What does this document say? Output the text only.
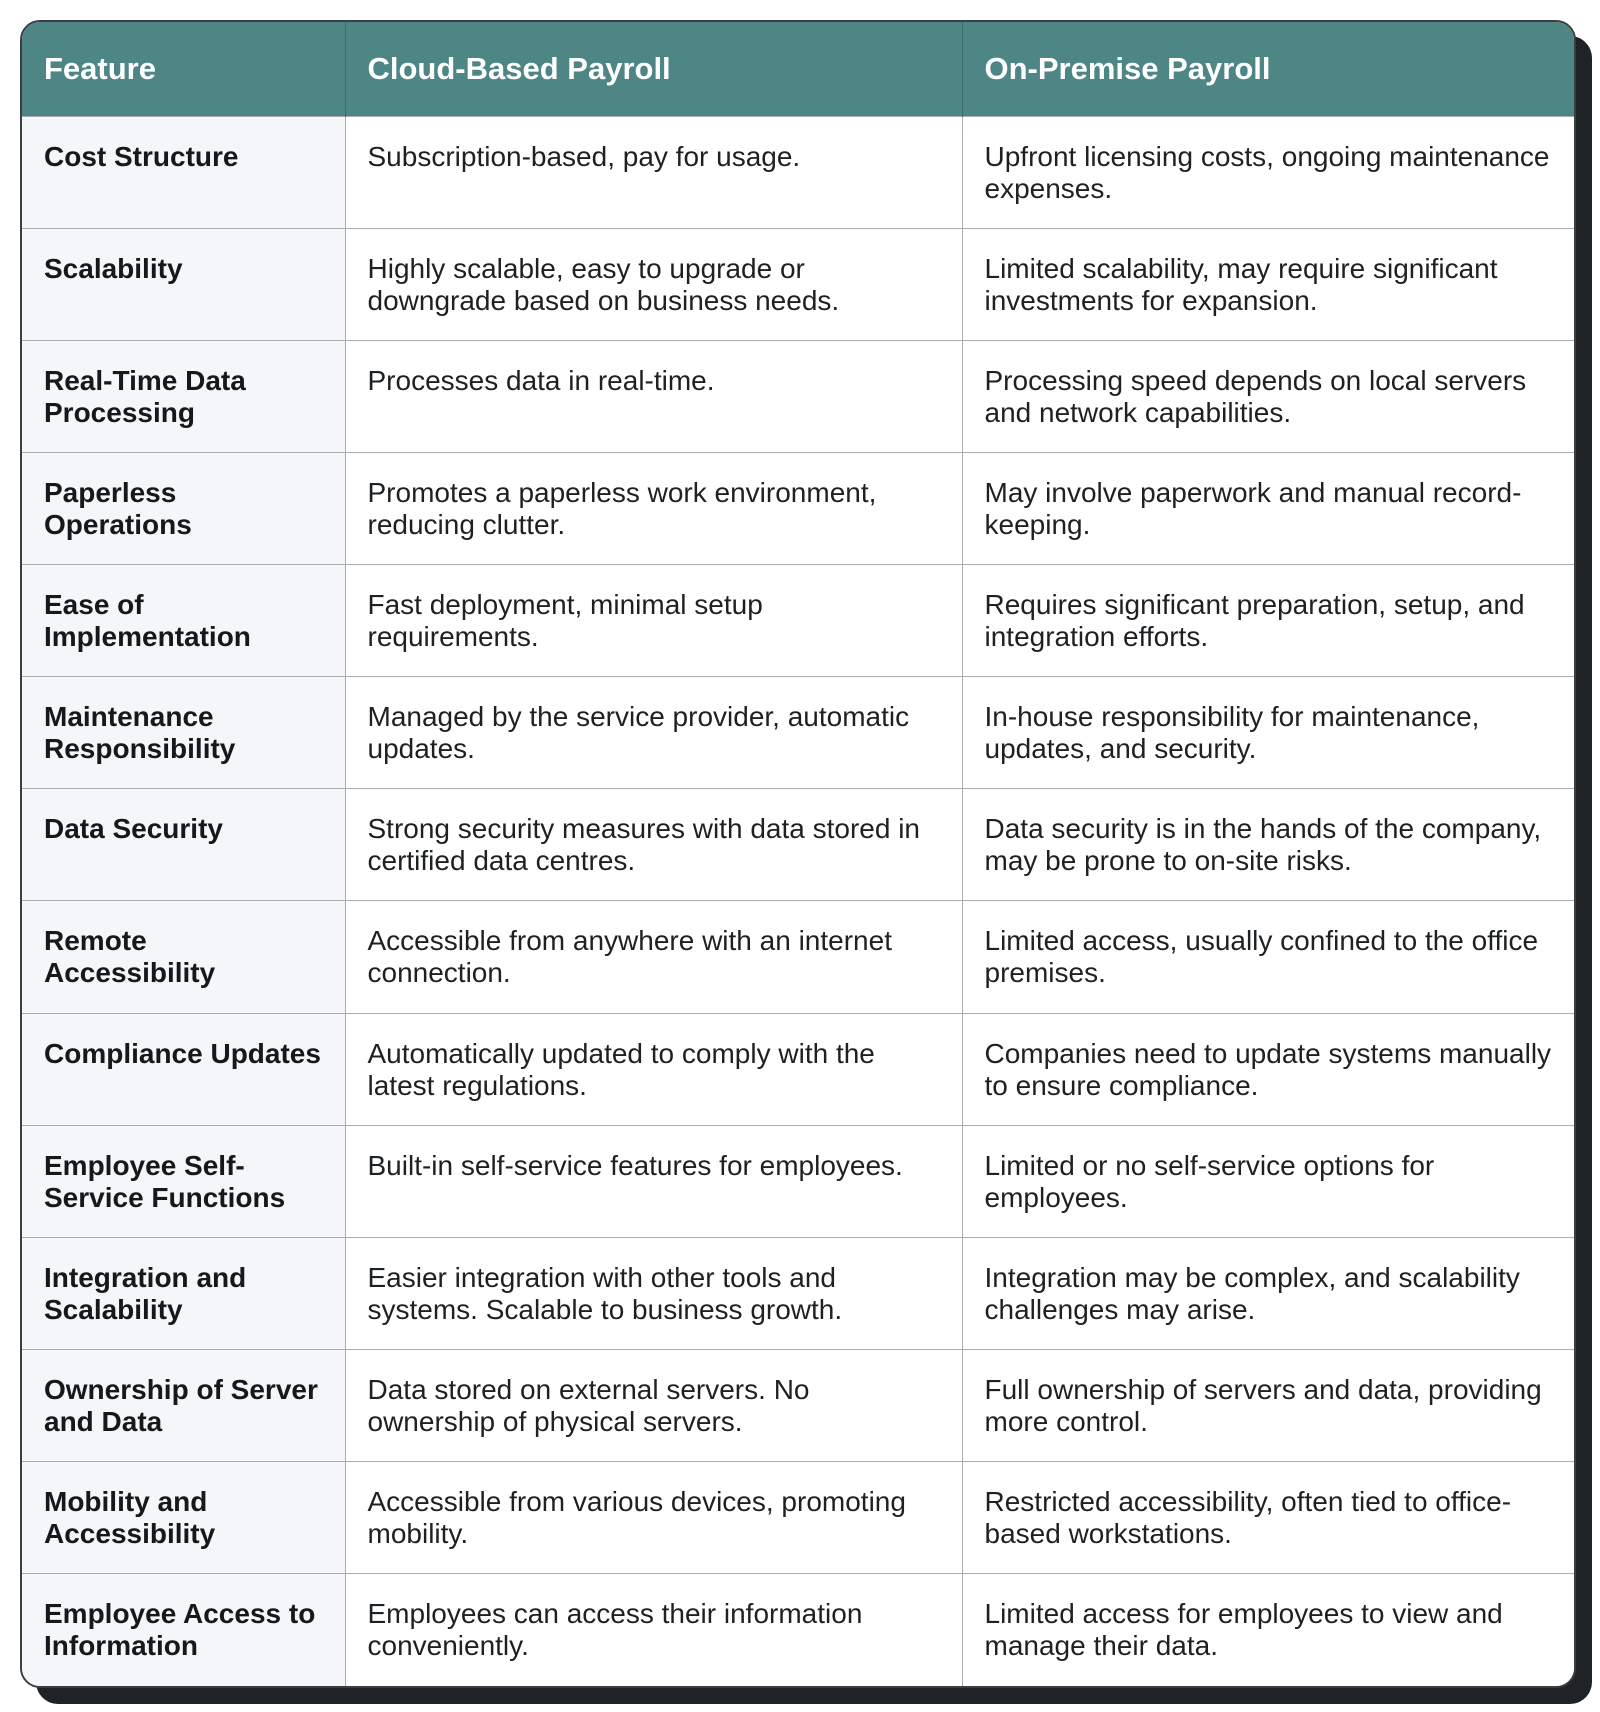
Feature	Cloud-Based Payroll	On-Premise Payroll
Cost Structure	Subscription-based, pay for usage.	Upfront licensing costs, ongoing maintenance expenses.
Scalability	Highly scalable, easy to upgrade or downgrade based on business needs.	Limited scalability, may require significant investments for expansion.
Real-Time Data Processing	Processes data in real-time.	Processing speed depends on local servers and network capabilities.
Paperless Operations	Promotes a paperless work environment, reducing clutter.	May involve paperwork and manual record-keeping.
Ease of Implementation	Fast deployment, minimal setup requirements.	Requires significant preparation, setup, and integration efforts.
Maintenance Responsibility	Managed by the service provider, automatic updates.	In-house responsibility for maintenance, updates, and security.
Data Security	Strong security measures with data stored in certified data centres.	Data security is in the hands of the company, may be prone to on-site risks.
Remote Accessibility	Accessible from anywhere with an internet connection.	Limited access, usually confined to the office premises.
Compliance Updates	Automatically updated to comply with the latest regulations.	Companies need to update systems manually to ensure compliance.
Employee Self-Service Functions	Built-in self-service features for employees.	Limited or no self-service options for employees.
Integration and Scalability	Easier integration with other tools and systems. Scalable to business growth.	Integration may be complex, and scalability challenges may arise.
Ownership of Server and Data	Data stored on external servers. No ownership of physical servers.	Full ownership of servers and data, providing more control.
Mobility and Accessibility	Accessible from various devices, promoting mobility.	Restricted accessibility, often tied to office-based workstations.
Employee Access to Information	Employees can access their information conveniently.	Limited access for employees to view and manage their data.
